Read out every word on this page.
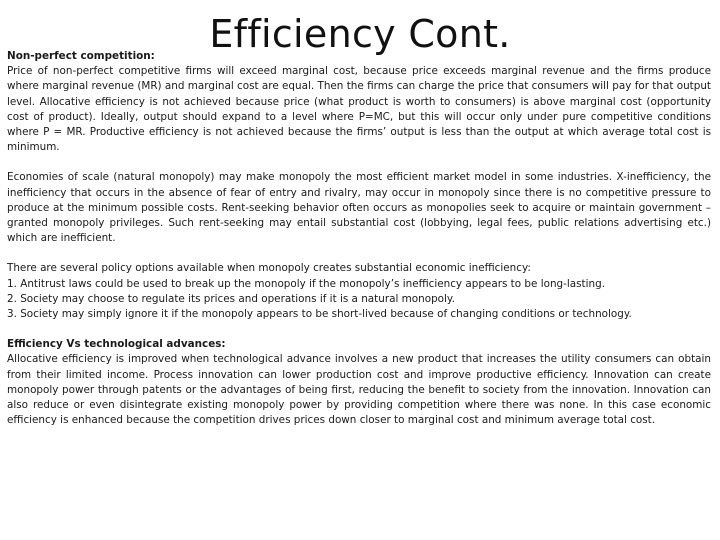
Efficiency Cont.

Non-perfect competition:
Price of non-perfect competitive firms will exceed marginal cost, because price exceeds marginal revenue and the firms produce where marginal revenue (MR) and marginal cost are equal. Then the firms can charge the price that consumers will pay for that output level. Allocative efficiency is not achieved because price (what product is worth to consumers) is above marginal cost (opportunity cost of product). Ideally, output should expand to a level where P=MC, but this will occur only under pure competitive conditions where P = MR. Productive efficiency is not achieved because the firms’ output is less than the output at which average total cost is minimum.

Economies of scale (natural monopoly) may make monopoly the most efficient market model in some industries. X-inefficiency, the inefficiency that occurs in the absence of fear of entry and rivalry, may occur in monopoly since there is no competitive pressure to produce at the minimum possible costs. Rent-seeking behavior often occurs as monopolies seek to acquire or maintain government –granted monopoly privileges. Such rent-seeking may entail substantial cost (lobbying, legal fees, public relations advertising etc.) which are inefficient.

There are several policy options available when monopoly creates substantial economic inefficiency:
1. Antitrust laws could be used to break up the monopoly if the monopoly’s inefficiency appears to be long-lasting.
2. Society may choose to regulate its prices and operations if it is a natural monopoly.
3. Society may simply ignore it if the monopoly appears to be short-lived because of changing conditions or technology.

Efficiency Vs technological advances:
Allocative efficiency is improved when technological advance involves a new product that increases the utility consumers can obtain from their limited income. Process innovation can lower production cost and improve productive efficiency. Innovation can create monopoly power through patents or the advantages of being first, reducing the benefit to society from the innovation. Innovation can also reduce or even disintegrate existing monopoly power by providing competition where there was none. In this case economic efficiency is enhanced because the competition drives prices down closer to marginal cost and minimum average total cost.
